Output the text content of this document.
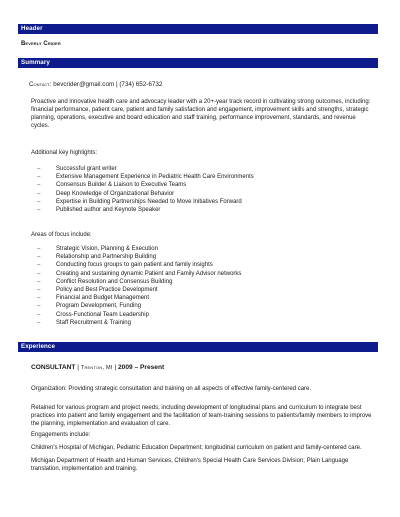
Header
Beverly Crider
Summary
Contact: bevcrider@gmail.com | (734) 652-6732

Proactive and innovative health care and advocacy leader with a 20+-year track record in cultivating strong outcomes, including: financial performance, patient care, patient and family satisfaction and engagement, improvement skills and strengths, strategic planning, operations, executive and board education and staff training, performance improvement, standards, and revenue cycles.

Additional key highlights:
–	Successful grant writer
–	Extensive Management Experience in Pediatric Health Care Environments
–	Consensus Builder & Liaison to Executive Teams
–	Deep Knowledge of Organizational Behavior
–	Expertise in Building Partnerships Needed to Move Initiatives Forward
–	Published author and Keynote Speaker
Areas of focus include:
–	Strategic Vision, Planning & Execution
–	Relationship and Partnership Building
–	Conducting focus groups to gain patient and family insights
–	Creating and sustaining dynamic Patient and Family Advisor networks
–	Conflict Resolution and Consensus Building
–	Policy and Best Practice Development
–	Financial and Budget Management
–	Program Development, Funding
–	Cross-Functional Team Leadership
–	Staff Recruitment & Training
Experience
CONSULTANT | Trenton, MI | 2009 – Present

Organization: Providing strategic consultation and training on all aspects of effective family-centered care.

Retained for various program and project needs, including development of longitudinal plans and curriculum to integrate best practices into patient and family engagement and the facilitation of team-training sessions to patients/family members to improve the planning, implementation and evaluation of care.

Engagements include:

Children's Hospital of Michigan, Pediatric Education Department; longitudinal curriculum on patient and family-centered care.

Michigan Department of Health and Human Services, Children's Special Health Care Services Division; Plain Language translation, implementation and training.
